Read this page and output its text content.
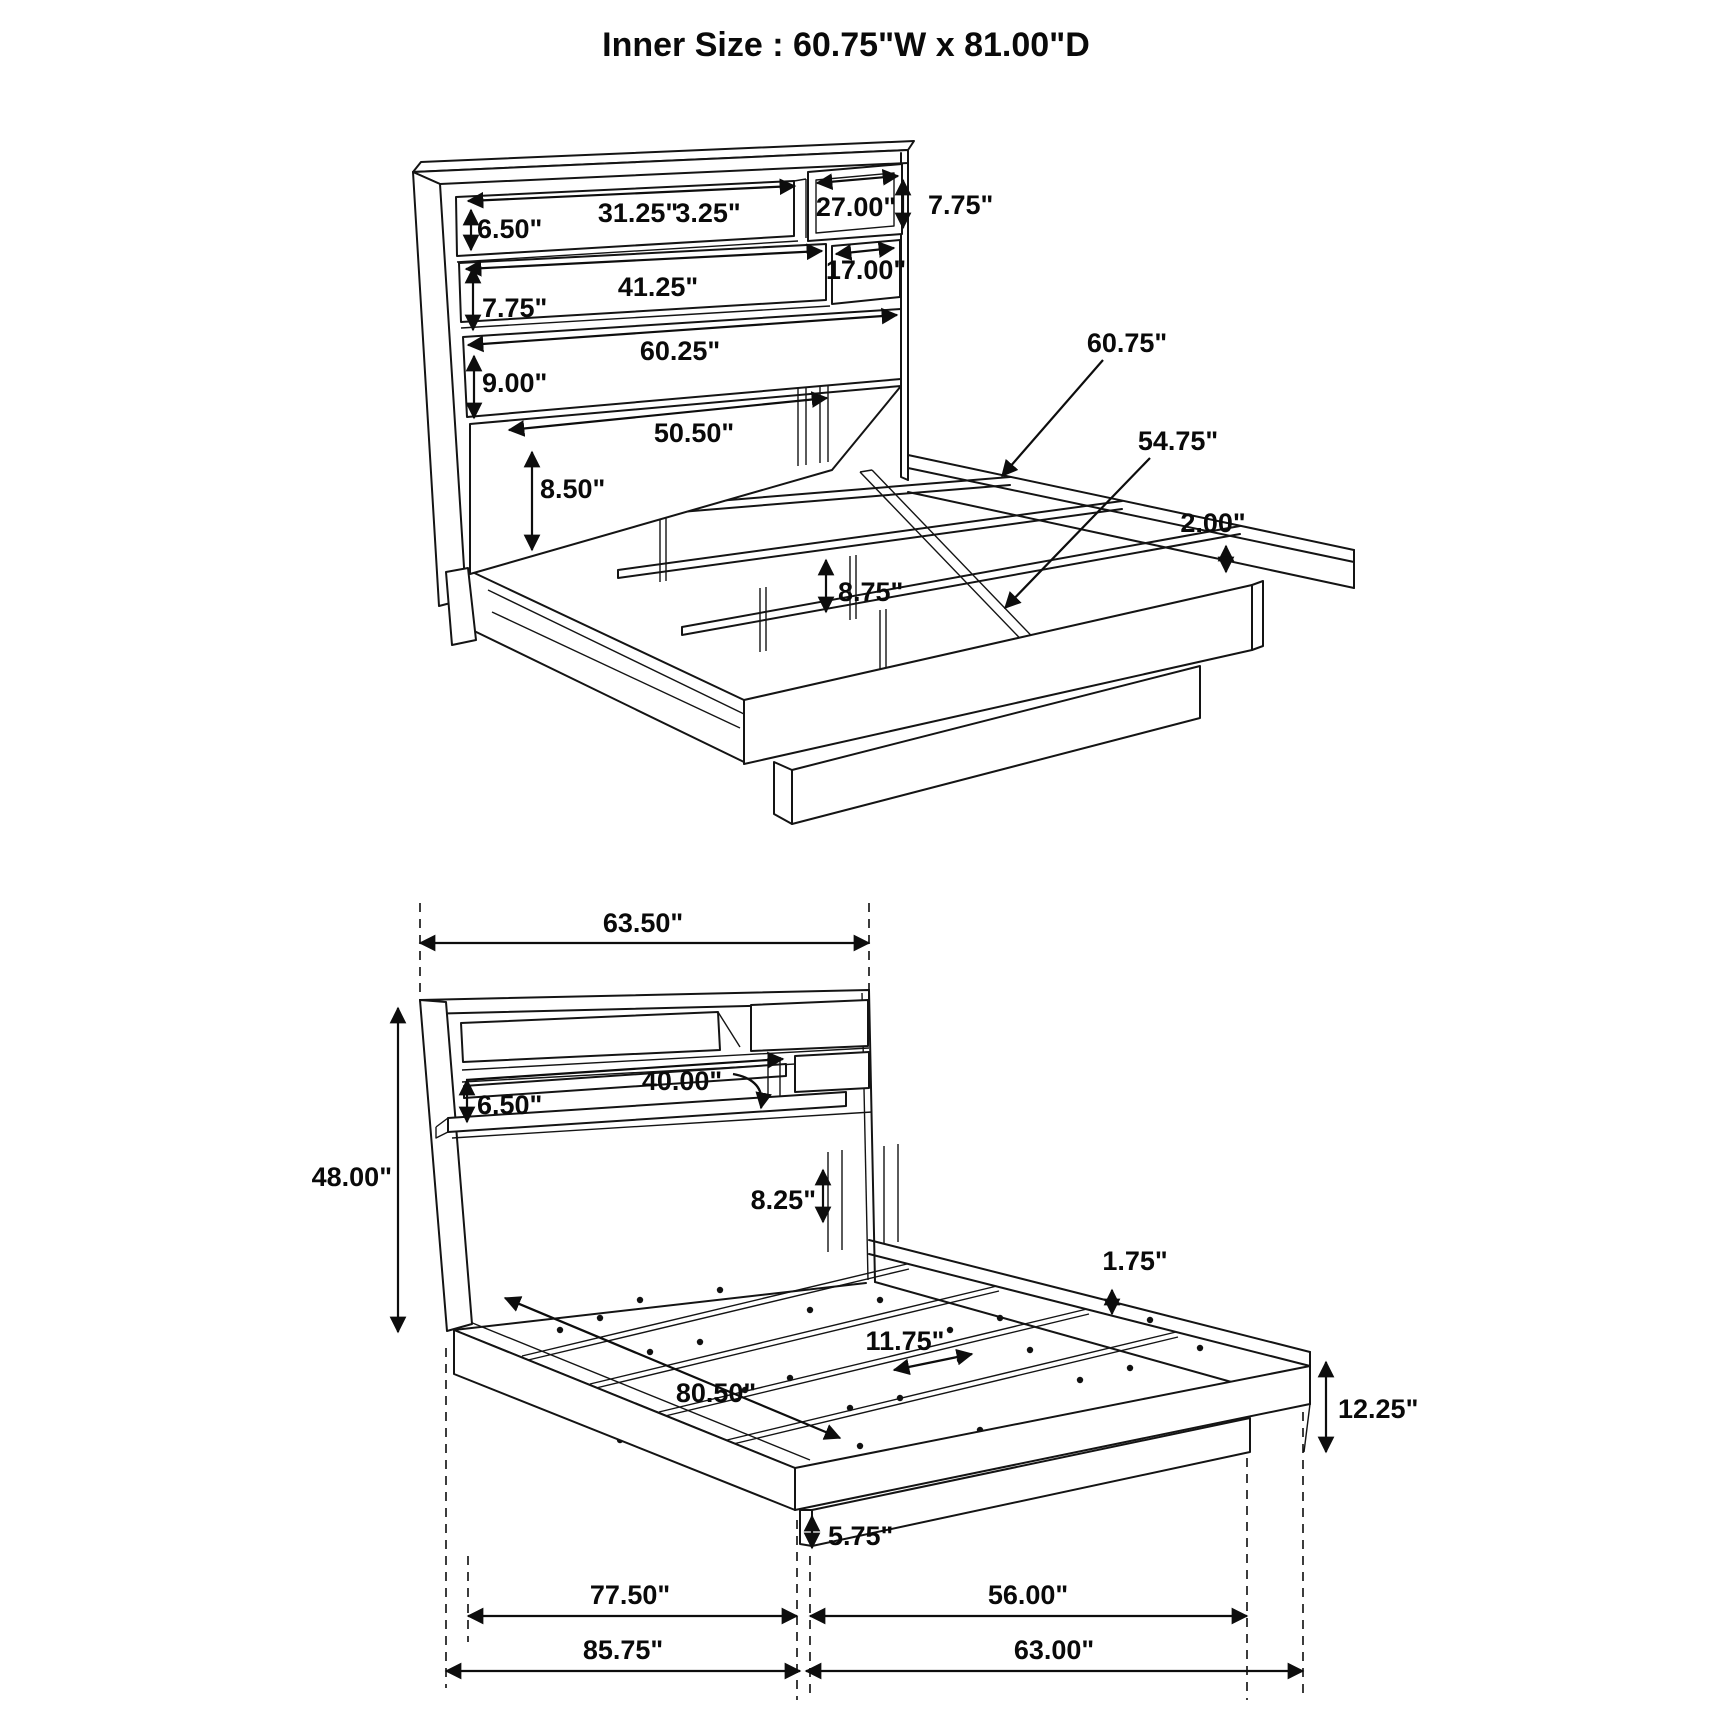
Inner Size : 60.75"W x 81.00"D
6.50"
31.25"
3.25"	27.00" 7.75"
41.25"
7.75"
17.00"
60.25"
9.00"
50.50"
8.50"
8.75"
60.75"
54.75"
2.00"
63.50"
48.00"
6.50"
40.00"
8.25"
1.75"
11.75"
80.50"
12.25"
5.75"
77.50"	56.00"
85.75"	63.00"
